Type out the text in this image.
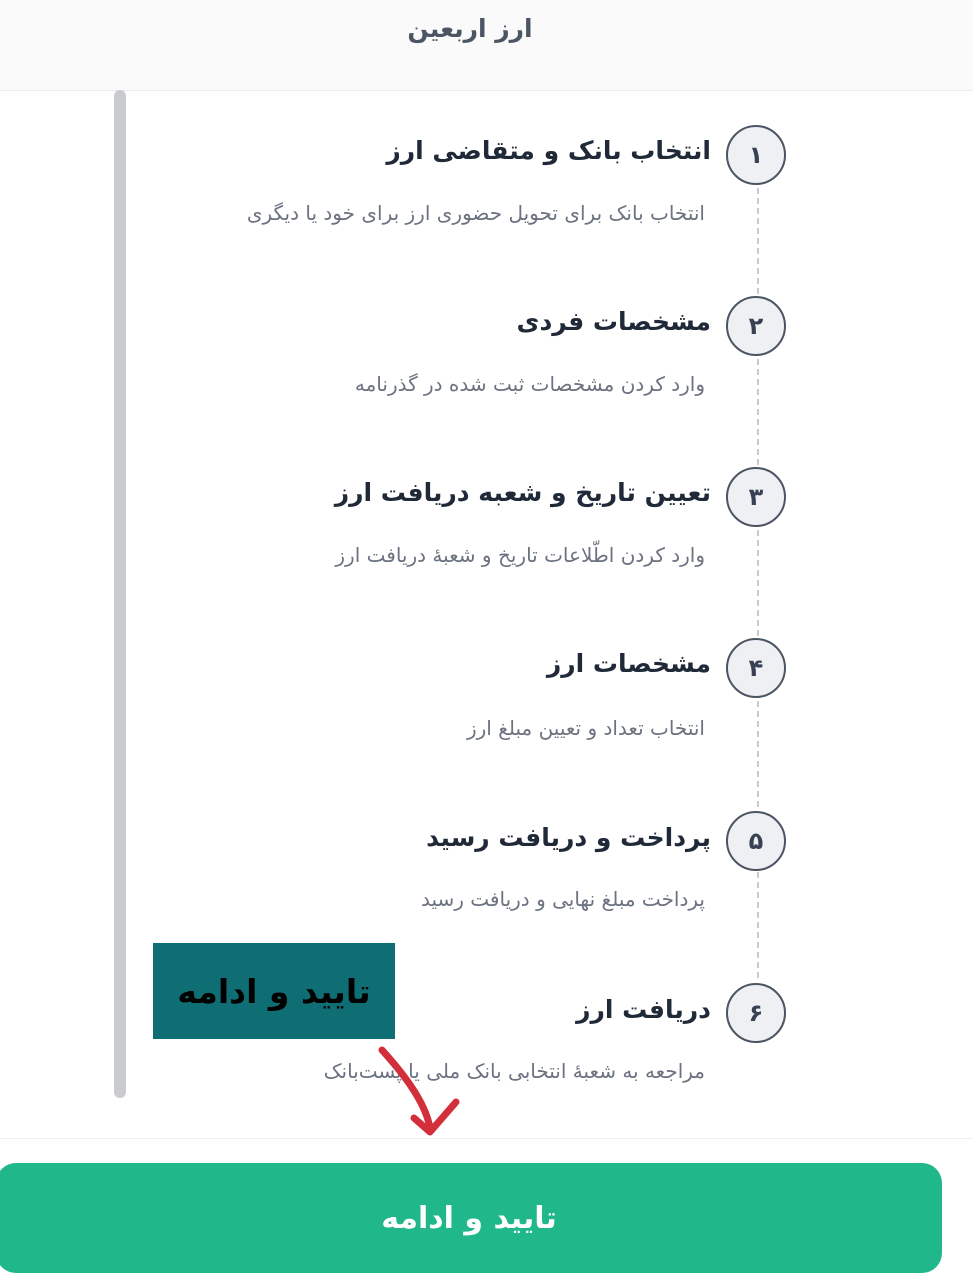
ارز اربعین
۱
انتخاب بانک و متقاضی ارز
انتخاب بانک برای تحویل حضوری ارز برای خود یا دیگری
۲
مشخصات فردی
وارد کردن مشخصات ثبت شده در گذرنامه
۳
تعیین تاریخ و شعبه دریافت ارز
وارد کردن اطّلاعات تاریخ و شعبهٔ دریافت ارز
۴
مشخصات ارز
انتخاب تعداد و تعیین مبلغ ارز
۵
پرداخت و دریافت رسید
پرداخت مبلغ نهایی و دریافت رسید
۶
دریافت ارز
مراجعه به شعبهٔ انتخابی بانک ملی یا پست‌بانک
تایید و ادامه
تایید و ادامه
